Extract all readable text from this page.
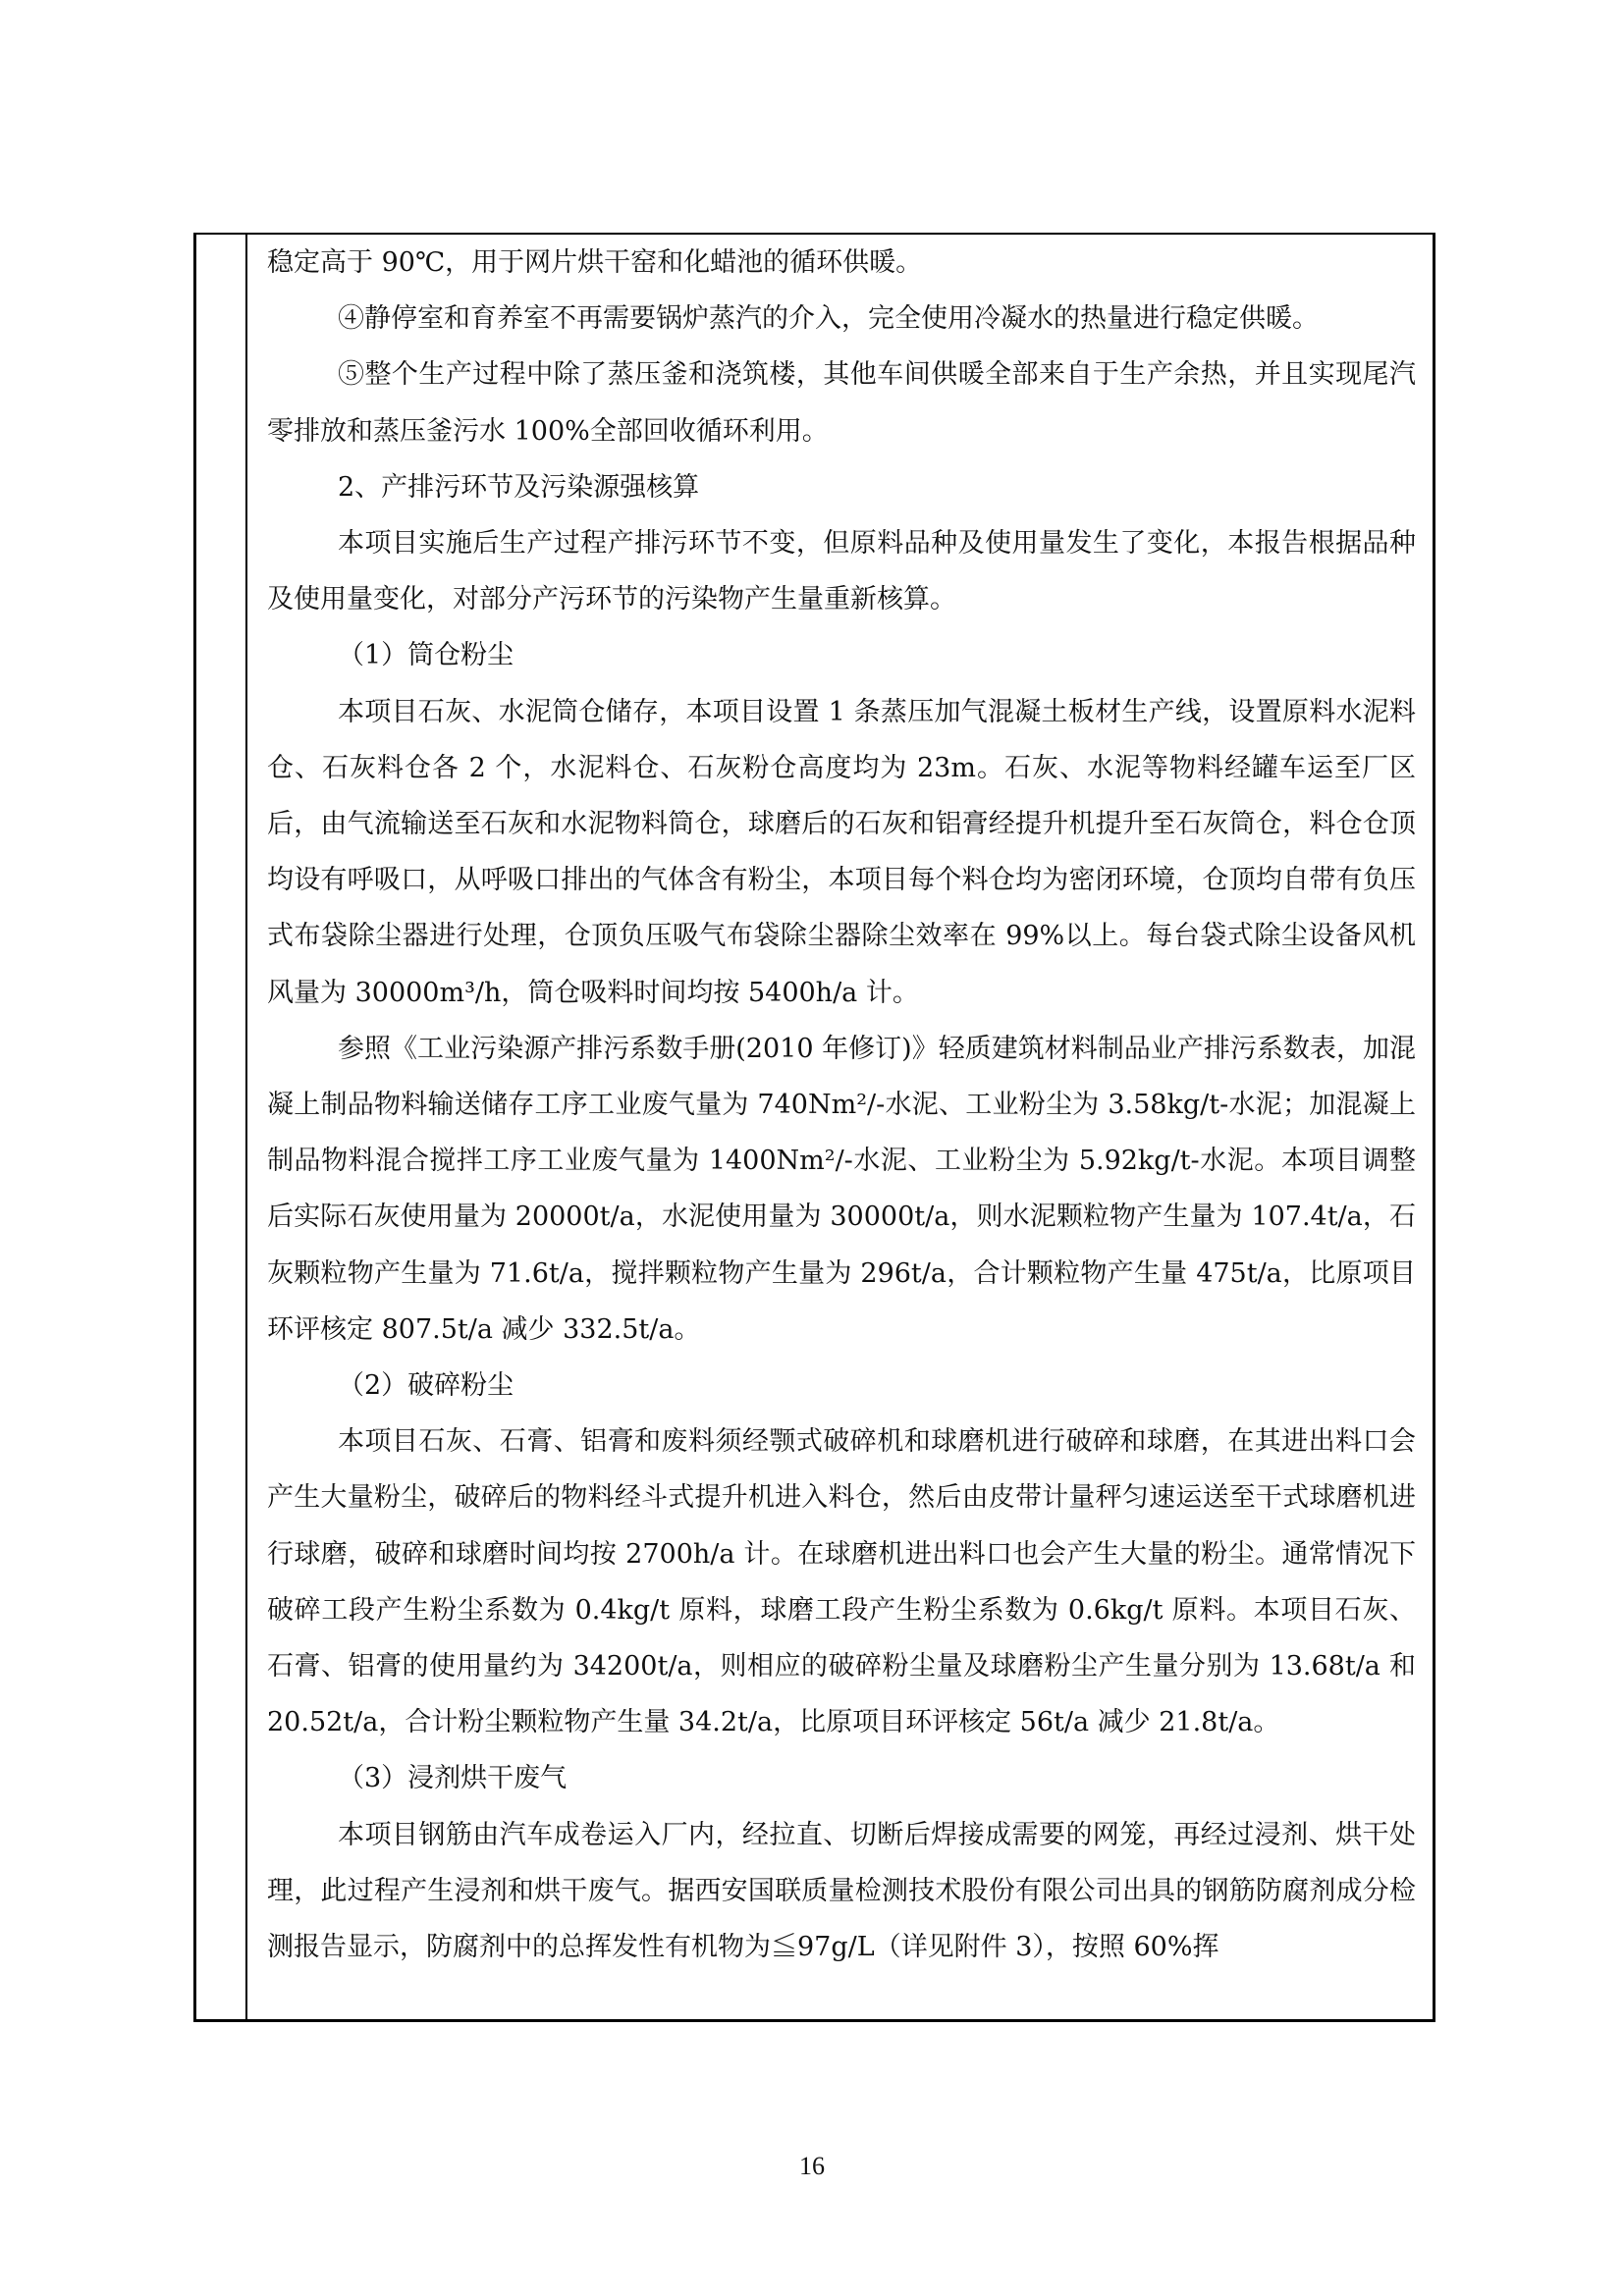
稳定高于 90℃，用于网片烘干窑和化蜡池的循环供暖。

④静停室和育养室不再需要锅炉蒸汽的介入，完全使用冷凝水的热量进行稳定供暖。

⑤整个生产过程中除了蒸压釜和浇筑楼，其他车间供暖全部来自于生产余热，并且实现尾汽零排放和蒸压釜污水 100%全部回收循环利用。

2、产排污环节及污染源强核算

本项目实施后生产过程产排污环节不变，但原料品种及使用量发生了变化，本报告根据品种及使用量变化，对部分产污环节的污染物产生量重新核算。

（1）筒仓粉尘

本项目石灰、水泥筒仓储存，本项目设置 1 条蒸压加气混凝土板材生产线，设置原料水泥料仓、石灰料仓各 2 个，水泥料仓、石灰粉仓高度均为 23m。石灰、水泥等物料经罐车运至厂区后，由气流输送至石灰和水泥物料筒仓，球磨后的石灰和铝膏经提升机提升至石灰筒仓，料仓仓顶均设有呼吸口，从呼吸口排出的气体含有粉尘，本项目每个料仓均为密闭环境，仓顶均自带有负压式布袋除尘器进行处理，仓顶负压吸气布袋除尘器除尘效率在 99%以上。每台袋式除尘设备风机风量为 30000m³/h，筒仓吸料时间均按 5400h/a 计。

参照《工业污染源产排污系数手册(2010 年修订)》轻质建筑材料制品业产排污系数表，加混凝上制品物料输送储存工序工业废气量为 740Nm²/-水泥、工业粉尘为 3.58kg/t-水泥；加混凝上制品物料混合搅拌工序工业废气量为 1400Nm²/-水泥、工业粉尘为 5.92kg/t-水泥。本项目调整后实际石灰使用量为 20000t/a，水泥使用量为 30000t/a，则水泥颗粒物产生量为 107.4t/a，石灰颗粒物产生量为 71.6t/a，搅拌颗粒物产生量为 296t/a，合计颗粒物产生量 475t/a，比原项目环评核定 807.5t/a 减少 332.5t/a。

（2）破碎粉尘

本项目石灰、石膏、铝膏和废料须经颚式破碎机和球磨机进行破碎和球磨，在其进出料口会产生大量粉尘，破碎后的物料经斗式提升机进入料仓，然后由皮带计量秤匀速运送至干式球磨机进行球磨，破碎和球磨时间均按 2700h/a 计。在球磨机进出料口也会产生大量的粉尘。通常情况下破碎工段产生粉尘系数为 0.4kg/t 原料，球磨工段产生粉尘系数为 0.6kg/t 原料。本项目石灰、石膏、铝膏的使用量约为 34200t/a，则相应的破碎粉尘量及球磨粉尘产生量分别为 13.68t/a 和 20.52t/a，合计粉尘颗粒物产生量 34.2t/a，比原项目环评核定 56t/a 减少 21.8t/a。

（3）浸剂烘干废气

本项目钢筋由汽车成卷运入厂内，经拉直、切断后焊接成需要的网笼，再经过浸剂、烘干处理，此过程产生浸剂和烘干废气。据西安国联质量检测技术股份有限公司出具的钢筋防腐剂成分检测报告显示，防腐剂中的总挥发性有机物为≦97g/L（详见附件 3），按照 60%挥

16
